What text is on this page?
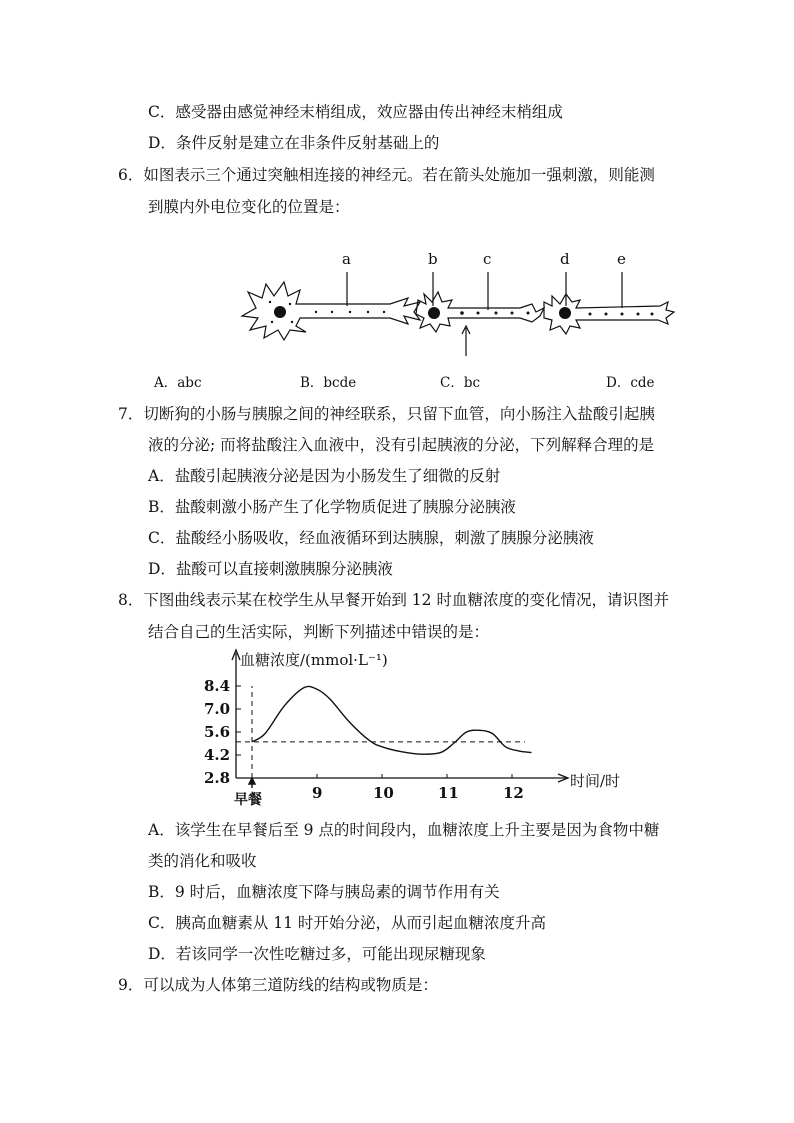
C．感受器由感觉神经末梢组成，效应器由传出神经末梢组成
D．条件反射是建立在非条件反射基础上的
6．如图表示三个通过突触相连接的神经元。若在箭头处施加一强刺激，则能测
到膜内外电位变化的位置是：
a	b	c	d	e
A．abc	B．bcde	C．bc	D．cde
7．切断狗的小肠与胰腺之间的神经联系，只留下血管，向小肠注入盐酸引起胰
液的分泌; 而将盐酸注入血液中，没有引起胰液的分泌，下列解释合理的是
A．盐酸引起胰液分泌是因为小肠发生了细微的反射
B．盐酸刺激小肠产生了化学物质促进了胰腺分泌胰液
C．盐酸经小肠吸收，经血液循环到达胰腺，刺激了胰腺分泌胰液
D．盐酸可以直接刺激胰腺分泌胰液
8．下图曲线表示某在校学生从早餐开始到 12 时血糖浓度的变化情况，请识图并
结合自己的生活实际，判断下列描述中错误的是：
8.4
7.0
5.6
4.2
2.8
9	10	11	12
血糖浓度/(mmol·L⁻¹)
时间/时
早餐
A．该学生在早餐后至 9 点的时间段内，血糖浓度上升主要是因为食物中糖
类的消化和吸收
B．9 时后，血糖浓度下降与胰岛素的调节作用有关
C．胰高血糖素从 11 时开始分泌，从而引起血糖浓度升高
D．若该同学一次性吃糖过多，可能出现尿糖现象
9．可以成为人体第三道防线的结构或物质是：
